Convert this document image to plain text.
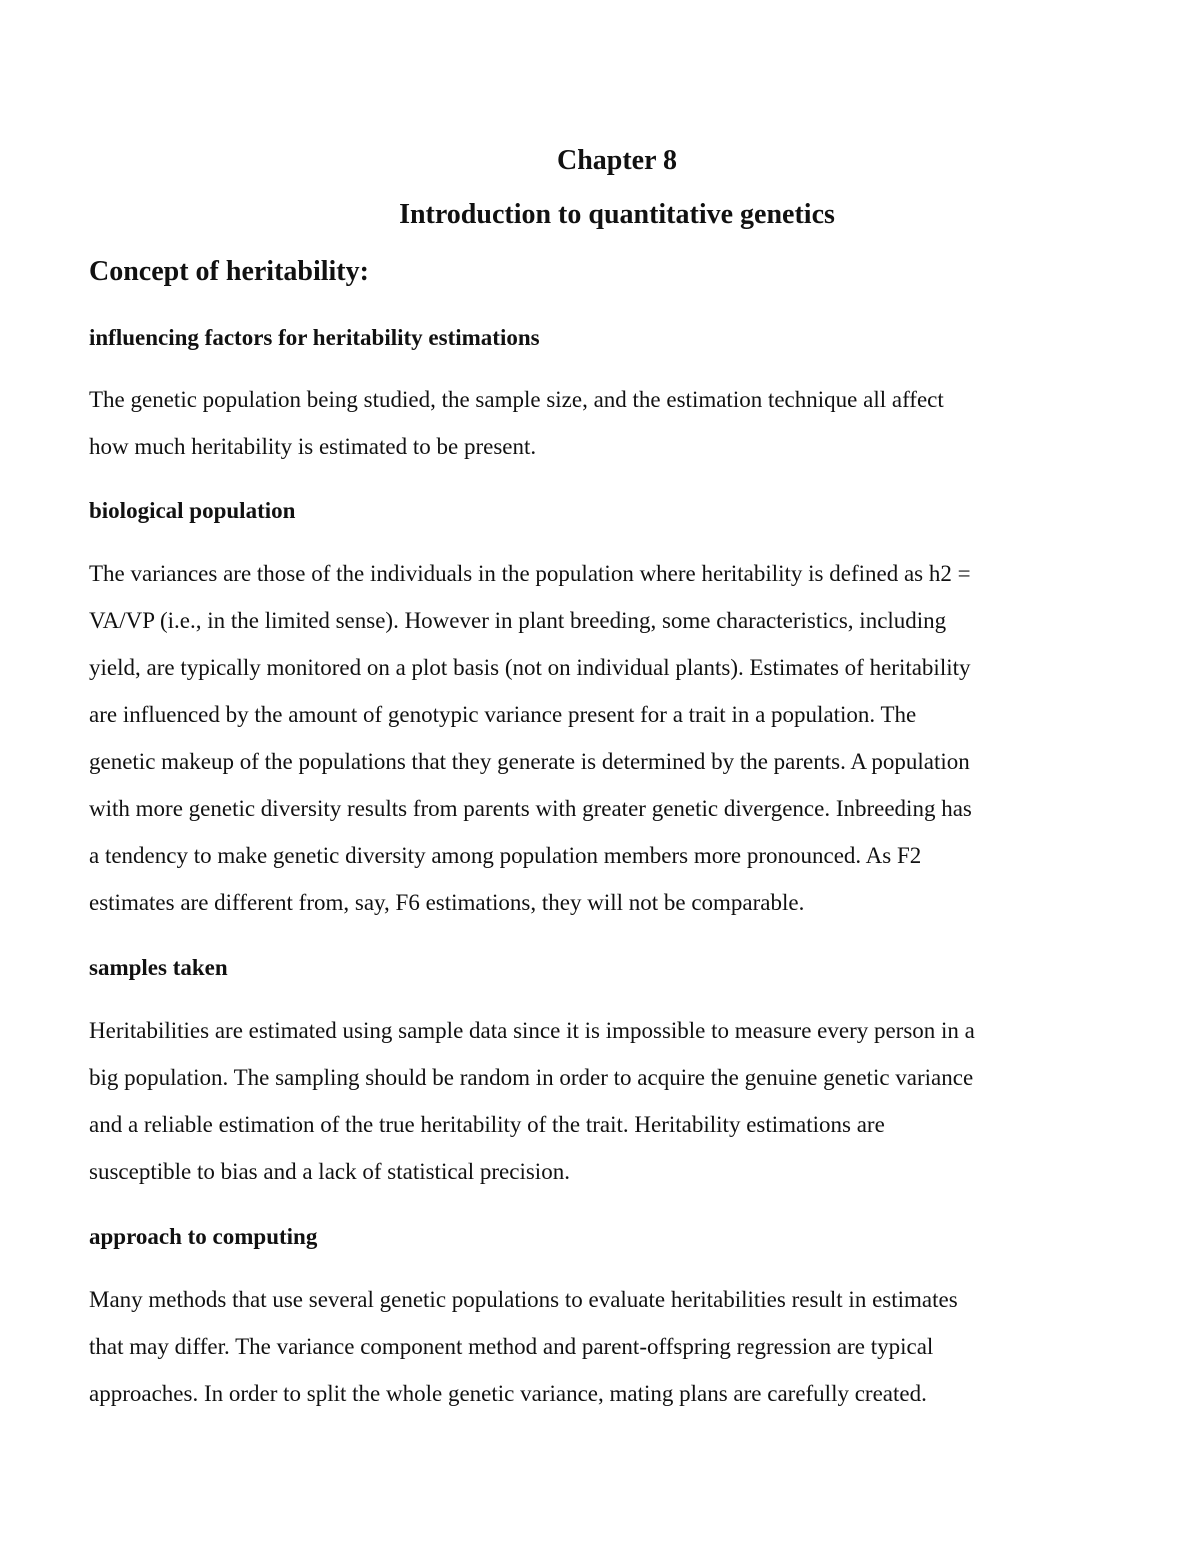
Chapter 8
Introduction to quantitative genetics
Concept of heritability:
influencing factors for heritability estimations
The genetic population being studied, the sample size, and the estimation technique all affect
how much heritability is estimated to be present.
biological population
The variances are those of the individuals in the population where heritability is defined as h2 =
VA/VP (i.e., in the limited sense). However in plant breeding, some characteristics, including
yield, are typically monitored on a plot basis (not on individual plants). Estimates of heritability
are influenced by the amount of genotypic variance present for a trait in a population. The
genetic makeup of the populations that they generate is determined by the parents. A population
with more genetic diversity results from parents with greater genetic divergence. Inbreeding has
a tendency to make genetic diversity among population members more pronounced. As F2
estimates are different from, say, F6 estimations, they will not be comparable.
samples taken
Heritabilities are estimated using sample data since it is impossible to measure every person in a
big population. The sampling should be random in order to acquire the genuine genetic variance
and a reliable estimation of the true heritability of the trait. Heritability estimations are
susceptible to bias and a lack of statistical precision.
approach to computing
Many methods that use several genetic populations to evaluate heritabilities result in estimates
that may differ. The variance component method and parent-offspring regression are typical
approaches. In order to split the whole genetic variance, mating plans are carefully created.
